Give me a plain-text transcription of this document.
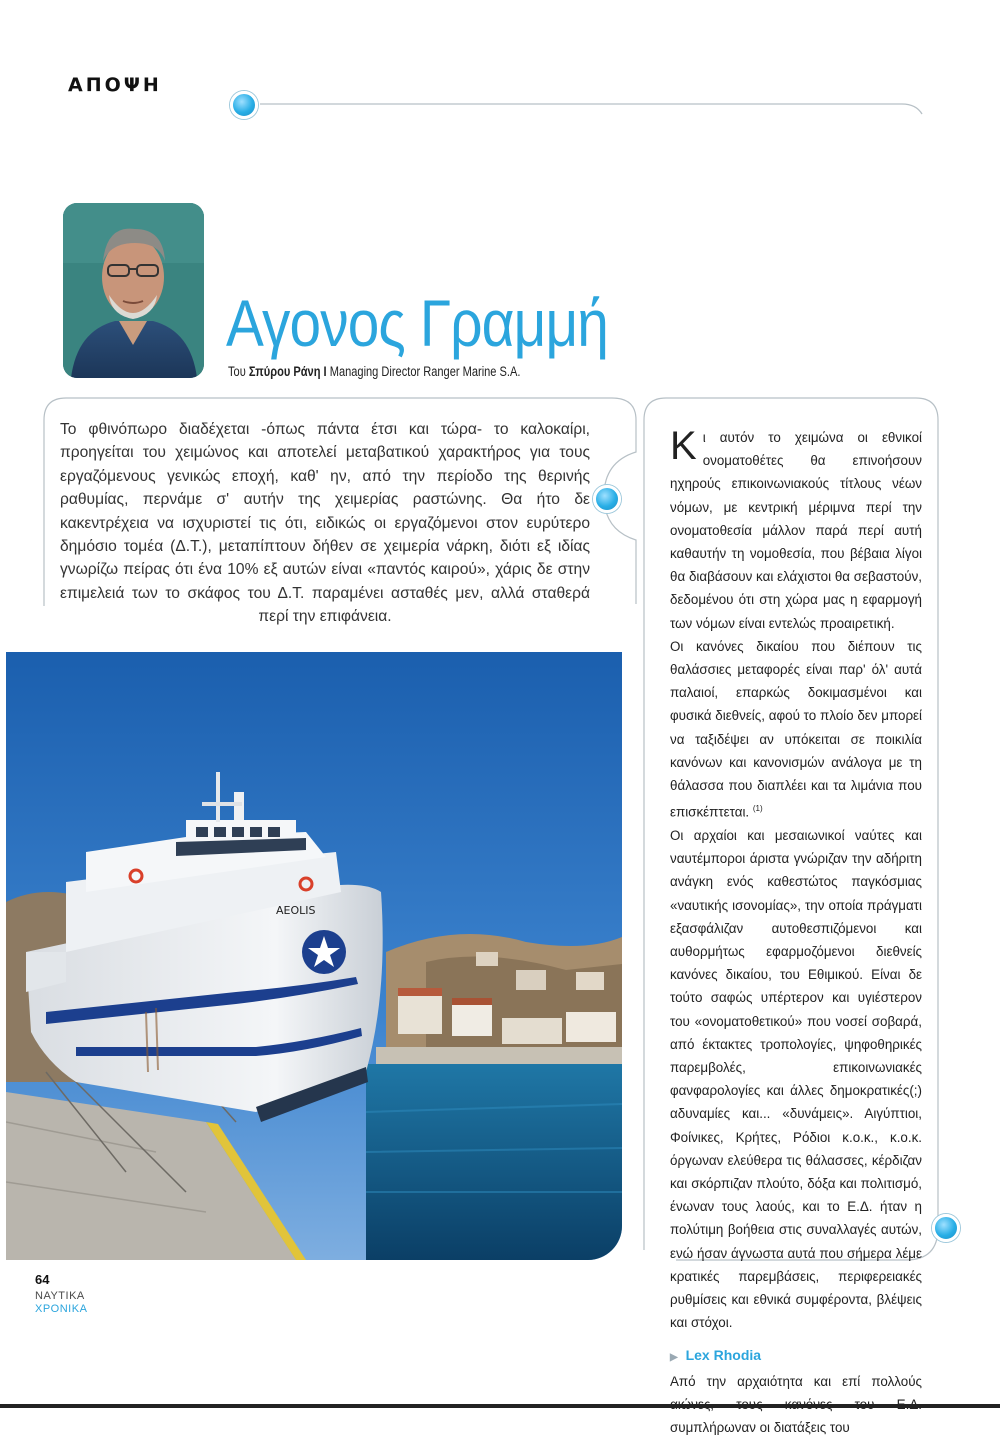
ΑΠΟΨΗ
Αγονος Γραμμή
Του Σπύρου Ράνη I Managing Director Ranger Marine S.A.
Το φθινόπωρο διαδέχεται -όπως πάντα έτσι και τώρα- το καλοκαίρι, προηγείται του χειμώνος και αποτελεί μεταβατικού χαρακτήρος για τους εργαζόμενους γενικώς εποχή, καθ' ην, από την περίοδο της θερινής ραθυμίας, περνάμε σ' αυτήν της χειμερίας ραστώνης. Θα ήτο δε κακεντρέχεια να ισχυριστεί τις ότι, ειδικώς οι εργαζόμενοι στον ευρύτερο δημόσιο τομέα (Δ.Τ.), μεταπίπτουν δήθεν σε χειμερία νάρκη, διότι εξ ιδίας γνωρίζω πείρας ότι ένα 10% εξ αυτών είναι «παντός καιρού», χάρις δε στην επιμελειά των το σκάφος του Δ.Τ. παραμένει ασταθές μεν, αλλά σταθερά περί την επιφάνεια.
ΑΕΟLIS

Κ ι αυτόν το χειμώνα οι εθνικοί ονοματοθέτες θα επινοήσουν ηχηρούς επικοινωνιακούς τίτλους νέων νόμων, με κεντρική μέριμνα περί την ονοματοθεσία μάλλον παρά περί αυτή καθαυτήν τη νομοθεσία, που βέβαια λίγοι θα διαβάσουν και ελάχιστοι θα σεβαστούν, δεδομένου ότι στη χώρα μας η εφαρμογή των νόμων είναι εντελώς προαιρετική.

Οι κανόνες δικαίου που διέπουν τις θαλάσσιες μεταφορές είναι παρ' όλ' αυτά παλαιοί, επαρκώς δοκιμασμένοι και φυσικά διεθνείς, αφού το πλοίο δεν μπορεί να ταξιδέψει αν υπόκειται σε ποικιλία κανόνων και κανονισμών ανάλογα με τη θάλασσα που διαπλέει και τα λιμάνια που επισκέπτεται. $^{(1)}$

Οι αρχαίοι και μεσαιωνικοί ναύτες και ναυτέμποροι άριστα γνώριζαν την αδήριτη ανάγκη ενός καθεστώτος παγκόσμιας «ναυτικής ισονομίας», την οποία πράγματι εξασφάλιζαν αυτοθεσπιζόμενοι και αυθορμήτως εφαρμοζόμενοι διεθνείς κανόνες δικαίου, του Εθιμικού. Είναι δε τούτο σαφώς υπέρτερον και υγιέστερον του «ονοματοθετικού» που νοσεί σοβαρά, από έκτακτες τροπολογίες, ψηφοθηρικές παρεμβολές, επικοινωνιακές φανφαρολογίες και άλλες δημοκρατικές(;) αδυναμίες και... «δυνάμεις». Αιγύπτιοι, Φοίνικες, Κρήτες, Ρόδιοι κ.ο.κ., κ.ο.κ. όργωναν ελεύθερα τις θάλασσες, κέρδιζαν και σκόρπιζαν πλούτο, δόξα και πολιτισμό, ένωναν τους λαούς, και το Ε.Δ. ήταν η πολύτιμη βοήθεια στις συναλλαγές αυτών, ενώ ήσαν άγνωστα αυτά που σήμερα λέμε κρατικές παρεμβάσεις, περιφερειακές ρυθμίσεις και εθνικά συμφέροντα, βλέψεις και στόχοι.

▶ Lex Rhodia

Από την αρχαιότητα και επί πολλούς συμπλήρωναν οι διατάξεις του

64
ΝΑΥΤΙΚΑ
ΧΡΟΝΙΚΑ
